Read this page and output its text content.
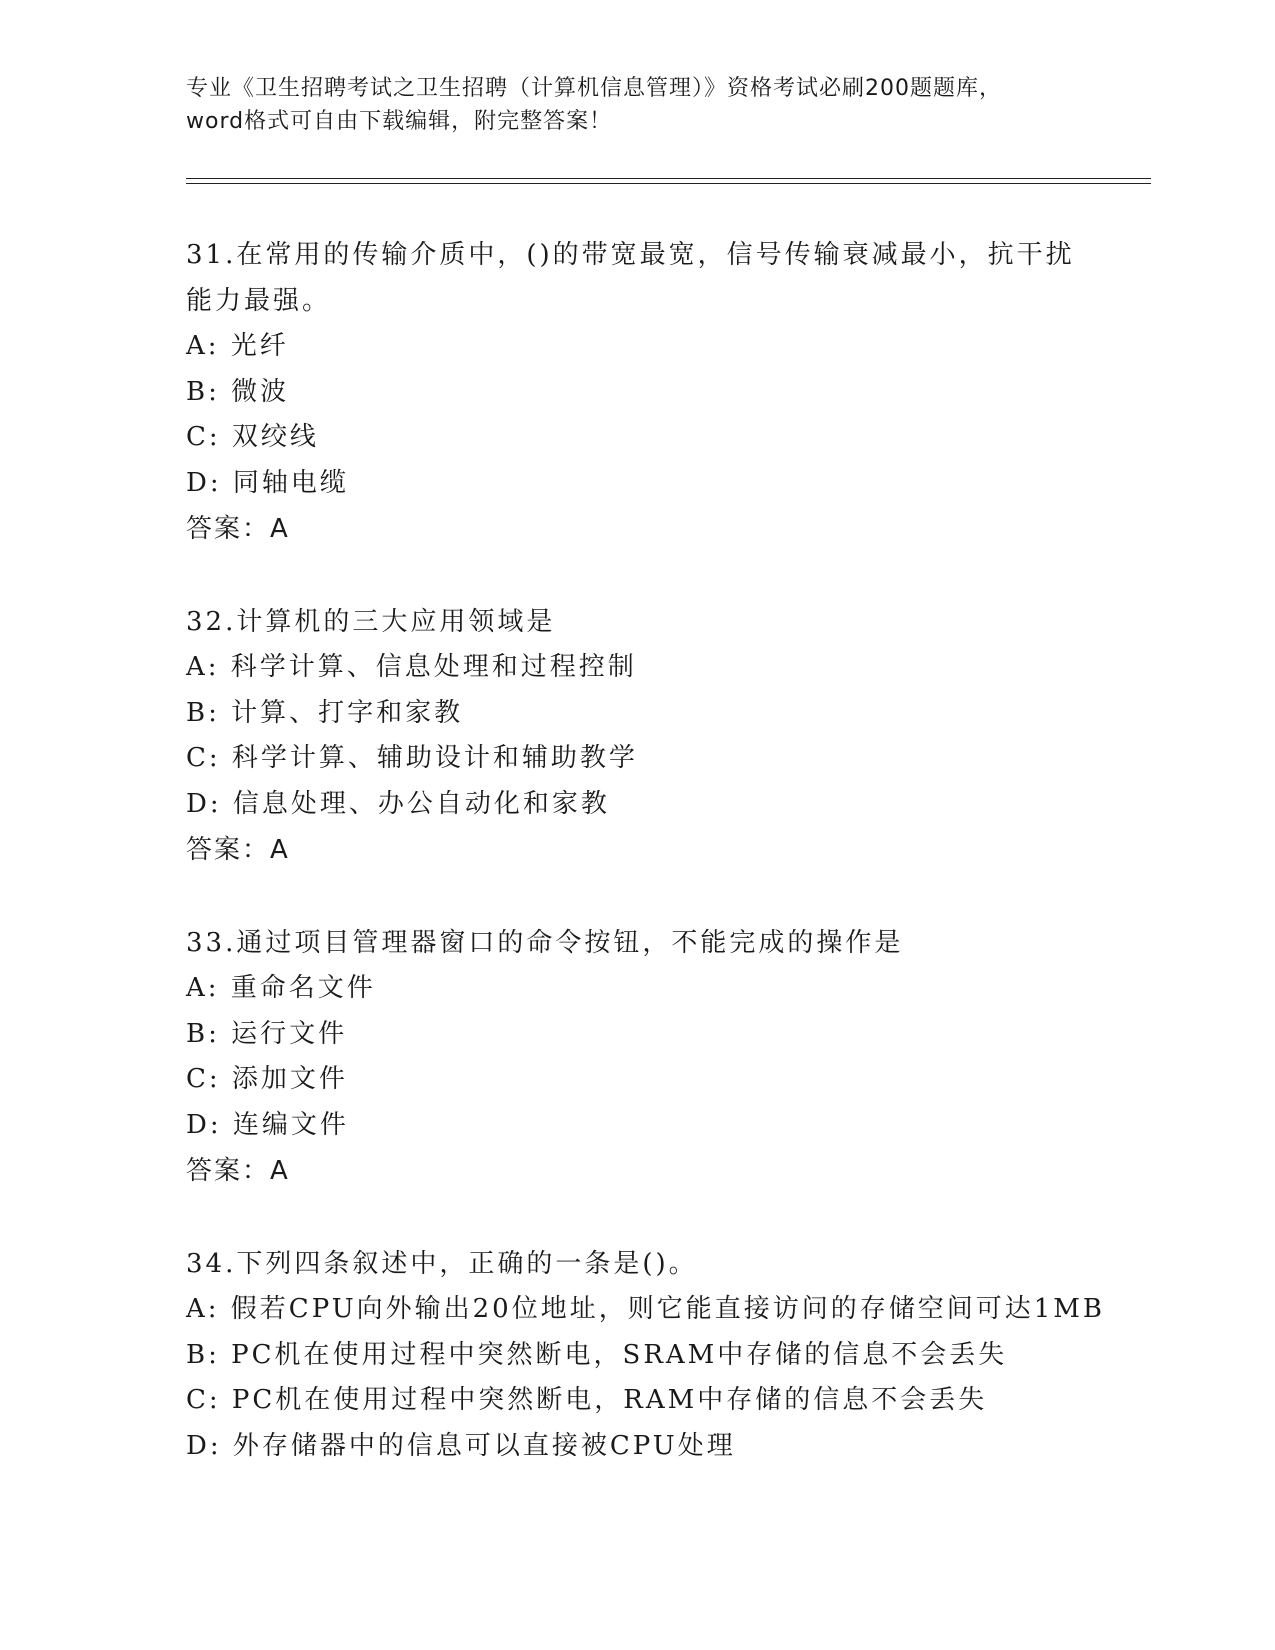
专业《卫生招聘考试之卫生招聘（计算机信息管理）》资格考试必刷200题题库，

word格式可自由下载编辑，附完整答案！

31.在常用的传输介质中，()的带宽最宽，信号传输衰减最小，抗干扰能力最强。

A: 光纤

B: 微波

C: 双绞线

D: 同轴电缆

答案：A

32.计算机的三大应用领域是

A: 科学计算、信息处理和过程控制

B: 计算、打字和家教

C: 科学计算、辅助设计和辅助教学

D: 信息处理、办公自动化和家教

答案：A

33.通过项目管理器窗口的命令按钮，不能完成的操作是

A: 重命名文件

B: 运行文件

C: 添加文件

D: 连编文件

答案：A

34.下列四条叙述中，正确的一条是()。

A: 假若CPU向外输出20位地址，则它能直接访问的存储空间可达1MB

B: PC机在使用过程中突然断电，SRAM中存储的信息不会丢失

C: PC机在使用过程中突然断电，RAM中存储的信息不会丢失

D: 外存储器中的信息可以直接被CPU处理
